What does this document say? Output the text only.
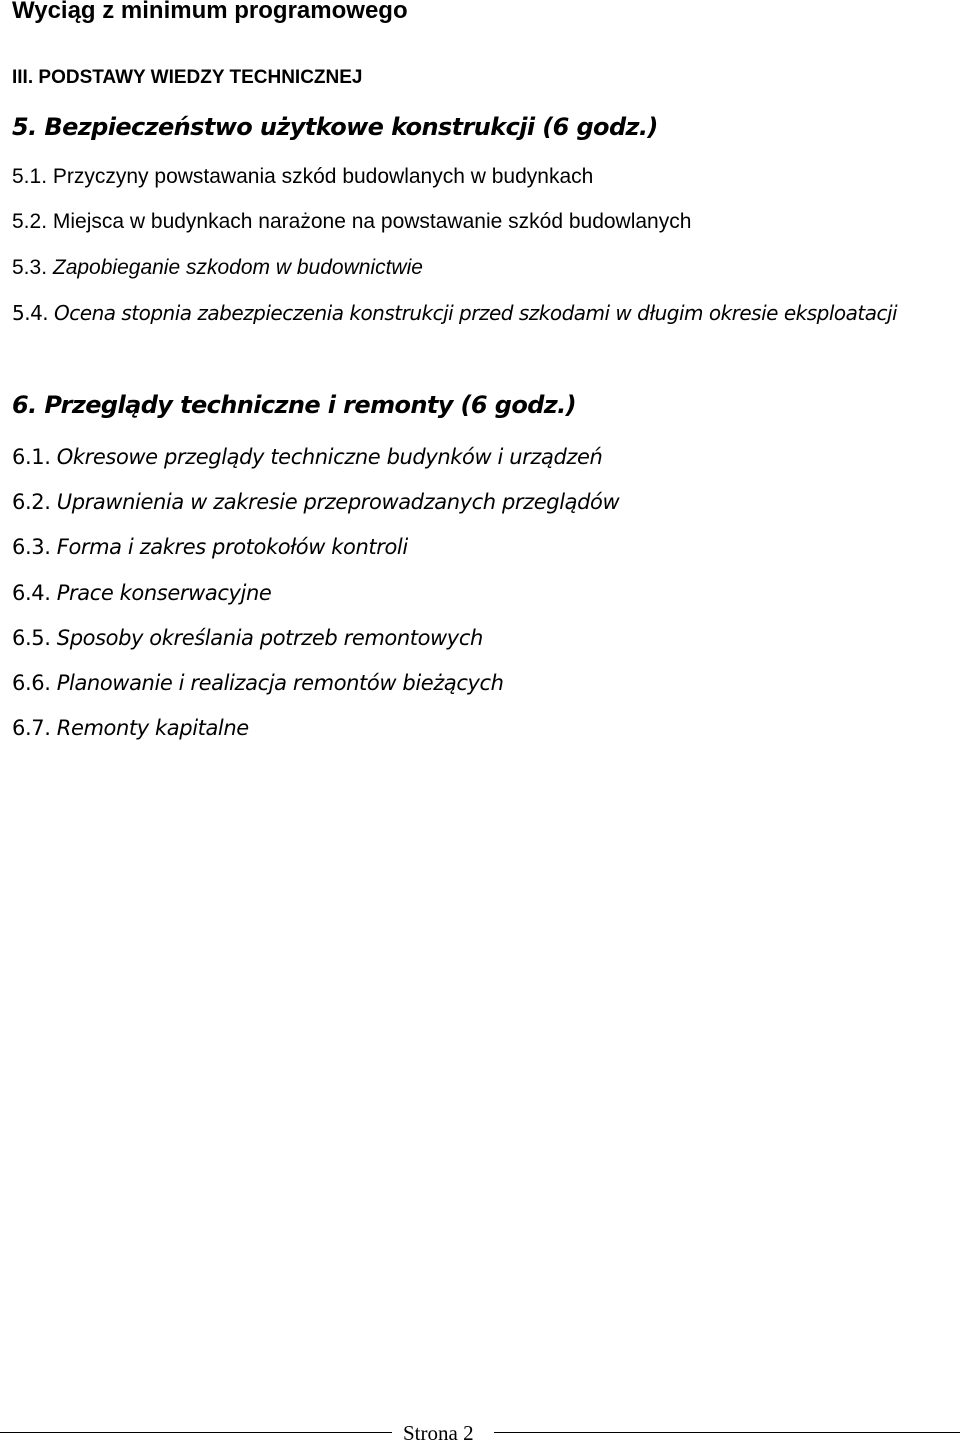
Wyciąg z minimum programowego
III. PODSTAWY WIEDZY TECHNICZNEJ
5. Bezpieczeństwo użytkowe konstrukcji (6 godz.)
5.1. Przyczyny powstawania szkód budowlanych w budynkach
5.2. Miejsca w budynkach narażone na powstawanie szkód budowlanych
5.3. Zapobieganie szkodom w budownictwie
5.4. Ocena stopnia zabezpieczenia konstrukcji przed szkodami w długim okresie eksploatacji
6. Przeglądy techniczne i remonty (6 godz.)
6.1. Okresowe przeglądy techniczne budynków i urządzeń
6.2. Uprawnienia w zakresie przeprowadzanych przeglądów
6.3. Forma i zakres protokołów kontroli
6.4. Prace konserwacyjne
6.5. Sposoby określania potrzeb remontowych
6.6. Planowanie i realizacja remontów bieżących
6.7. Remonty kapitalne
Strona 2
